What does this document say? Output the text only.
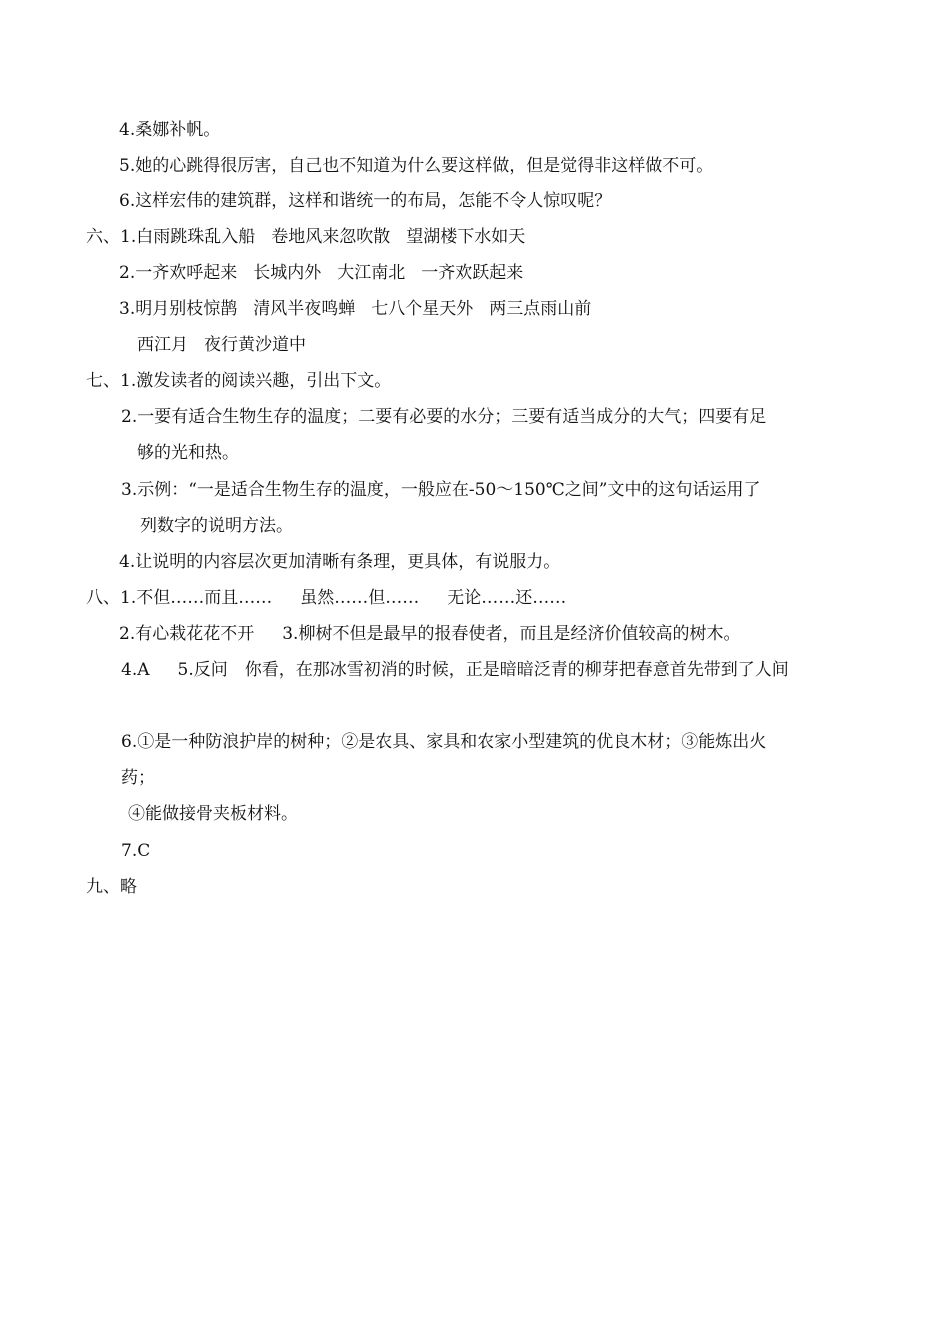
4.桑娜补帆。
5.她的心跳得很厉害，自己也不知道为什么要这样做，但是觉得非这样做不可。
6.这样宏伟的建筑群，这样和谐统一的布局，怎能不令人惊叹呢？
六、1.白雨跳珠乱入船 卷地风来忽吹散 望湖楼下水如天
2.一齐欢呼起来 长城内外 大江南北 一齐欢跃起来
3.明月别枝惊鹊 清风半夜鸣蝉 七八个星天外 两三点雨山前
西江月 夜行黄沙道中
七、1.激发读者的阅读兴趣，引出下文。
2.一要有适合生物生存的温度；二要有必要的水分；三要有适当成分的大气；四要有足
够的光和热。
3.示例：“一是适合生物生存的温度，一般应在-50～150℃之间”文中的这句话运用了
列数字的说明方法。
4.让说明的内容层次更加清晰有条理，更具体，有说服力。
八、1.不但……而且…… 虽然……但…… 无论……还……
2.有心栽花花不开 3.柳树不但是最早的报春使者，而且是经济价值较高的树木。
4.A 5.反问　你看，在那冰雪初消的时候，正是暗暗泛青的柳芽把春意首先带到了人间
6.①是一种防浪护岸的树种；②是农具、家具和农家小型建筑的优良木材；③能炼出火
药；
④能做接骨夹板材料。
7.C
九、略
